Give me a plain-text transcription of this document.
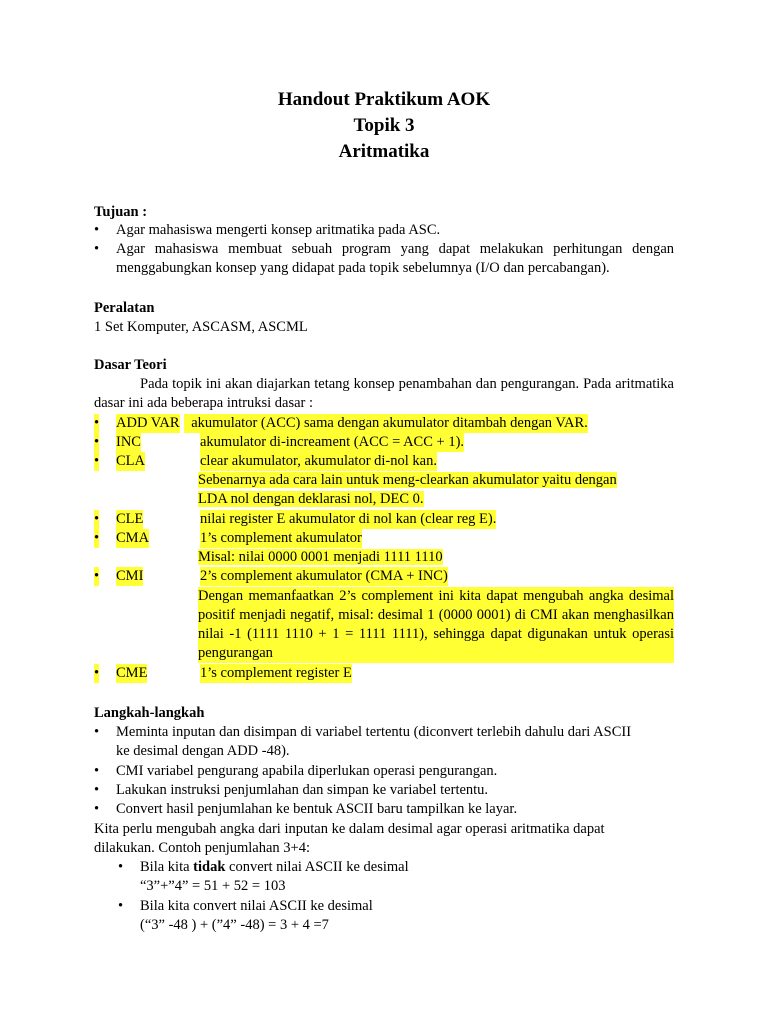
Handout Praktikum AOK
Topik 3
Aritmatika
Tujuan :
• Agar mahasiswa mengerti konsep aritmatika pada ASC.
• Agar mahasiswa membuat sebuah program yang dapat melakukan perhitungan dengan menggabungkan konsep yang didapat pada topik sebelumnya (I/O dan percabangan).
Peralatan
1 Set Komputer, ASCASM, ASCML
Dasar Teori
Pada topik ini akan diajarkan tetang konsep penambahan dan pengurangan. Pada aritmatika dasar ini ada beberapa intruksi dasar :
• ADD VAR akumulator (ACC) sama dengan akumulator ditambah dengan VAR.
• INC	akumulator di-increament (ACC = ACC + 1).
• CLA	clear akumulator, akumulator di-nol kan.
Sebenarnya ada cara lain untuk meng-clearkan akumulator yaitu dengan
LDA nol dengan deklarasi nol, DEC 0.
• CLE	nilai register E akumulator di nol kan (clear reg E).
• CMA	1’s complement akumulator
Misal: nilai 0000 0001 menjadi 1111 1110
• CMI	2’s complement akumulator (CMA + INC)
Dengan memanfaatkan 2’s complement ini kita dapat mengubah angka desimal positif menjadi negatif, misal: desimal 1 (0000 0001) di CMI akan menghasilkan nilai -1 (1111 1110 + 1 = 1111 1111), sehingga dapat digunakan untuk operasi pengurangan
• CME	1’s complement register E
Langkah-langkah
• Meminta inputan dan disimpan di variabel tertentu (diconvert terlebih dahulu dari ASCII
ke desimal dengan ADD -48).
• CMI variabel pengurang apabila diperlukan operasi pengurangan.
• Lakukan instruksi penjumlahan dan simpan ke variabel tertentu.
• Convert hasil penjumlahan ke bentuk ASCII baru tampilkan ke layar.
Kita perlu mengubah angka dari inputan ke dalam desimal agar operasi aritmatika dapat
dilakukan. Contoh penjumlahan 3+4:
• Bila kita tidak convert nilai ASCII ke desimal
“3”+”4” = 51 + 52 = 103
• Bila kita convert nilai ASCII ke desimal
(“3” -48 ) + (”4” -48) = 3 + 4 =7
